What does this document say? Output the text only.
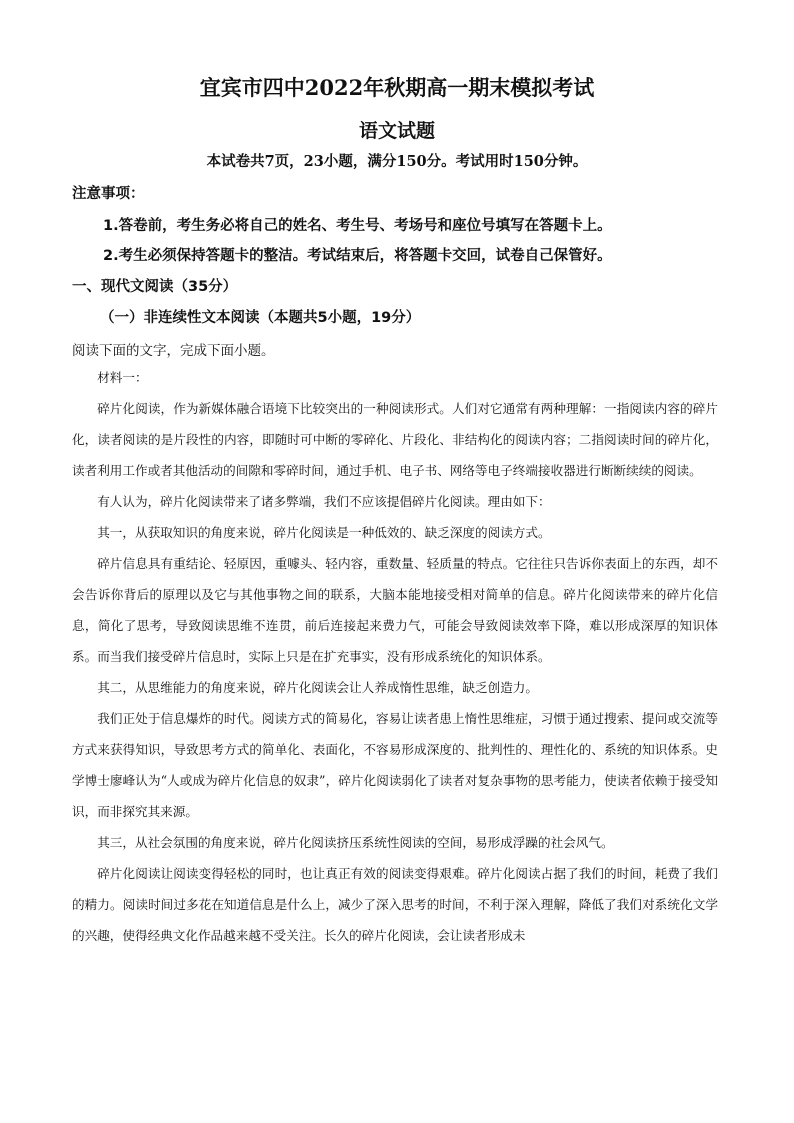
宜宾市四中2022年秋期高一期末模拟考试
语文试题
本试卷共7页，23小题，满分150分。考试用时150分钟。
注意事项：
1.答卷前，考生务必将自己的姓名、考生号、考场号和座位号填写在答题卡上。
2.考生必须保持答题卡的整洁。考试结束后，将答题卡交回，试卷自己保管好。
一、现代文阅读（35分）
（一）非连续性文本阅读（本题共5小题，19分）
阅读下面的文字，完成下面小题。

材料一：

碎片化阅读，作为新媒体融合语境下比较突出的一种阅读形式。人们对它通常有两种理解：一指阅读内容的碎片化，读者阅读的是片段性的内容，即随时可中断的零碎化、片段化、非结构化的阅读内容；二指阅读时间的碎片化，读者利用工作或者其他活动的间隙和零碎时间，通过手机、电子书、网络等电子终端接收器进行断断续续的阅读。

有人认为，碎片化阅读带来了诸多弊端，我们不应该提倡碎片化阅读。理由如下：

其一，从获取知识的角度来说，碎片化阅读是一种低效的、缺乏深度的阅读方式。

碎片信息具有重结论、轻原因，重噱头、轻内容，重数量、轻质量的特点。它往往只告诉你表面上的东西，却不会告诉你背后的原理以及它与其他事物之间的联系，大脑本能地接受相对简单的信息。碎片化阅读带来的碎片化信息，简化了思考，导致阅读思维不连贯，前后连接起来费力气，可能会导致阅读效率下降，难以形成深厚的知识体系。而当我们接受碎片信息时，实际上只是在扩充事实，没有形成系统化的知识体系。

其二，从思维能力的角度来说，碎片化阅读会让人养成惰性思维，缺乏创造力。

我们正处于信息爆炸的时代。阅读方式的简易化，容易让读者患上惰性思维症，习惯于通过搜索、提问或交流等方式来获得知识，导致思考方式的简单化、表面化，不容易形成深度的、批判性的、理性化的、系统的知识体系。史学博士廖峰认为“人或成为碎片化信息的奴隶”，碎片化阅读弱化了读者对复杂事物的思考能力，使读者依赖于接受知识，而非探究其来源。

其三，从社会氛围的角度来说，碎片化阅读挤压系统性阅读的空间，易形成浮躁的社会风气。

碎片化阅读让阅读变得轻松的同时，也让真正有效的阅读变得艰难。碎片化阅读占据了我们的时间，耗费了我们的精力。阅读时间过多花在知道信息是什么上，减少了深入思考的时间，不利于深入理解，降低了我们对系统化文学的兴趣，使得经典文化作品越来越不受关注。长久的碎片化阅读，会让读者形成未
